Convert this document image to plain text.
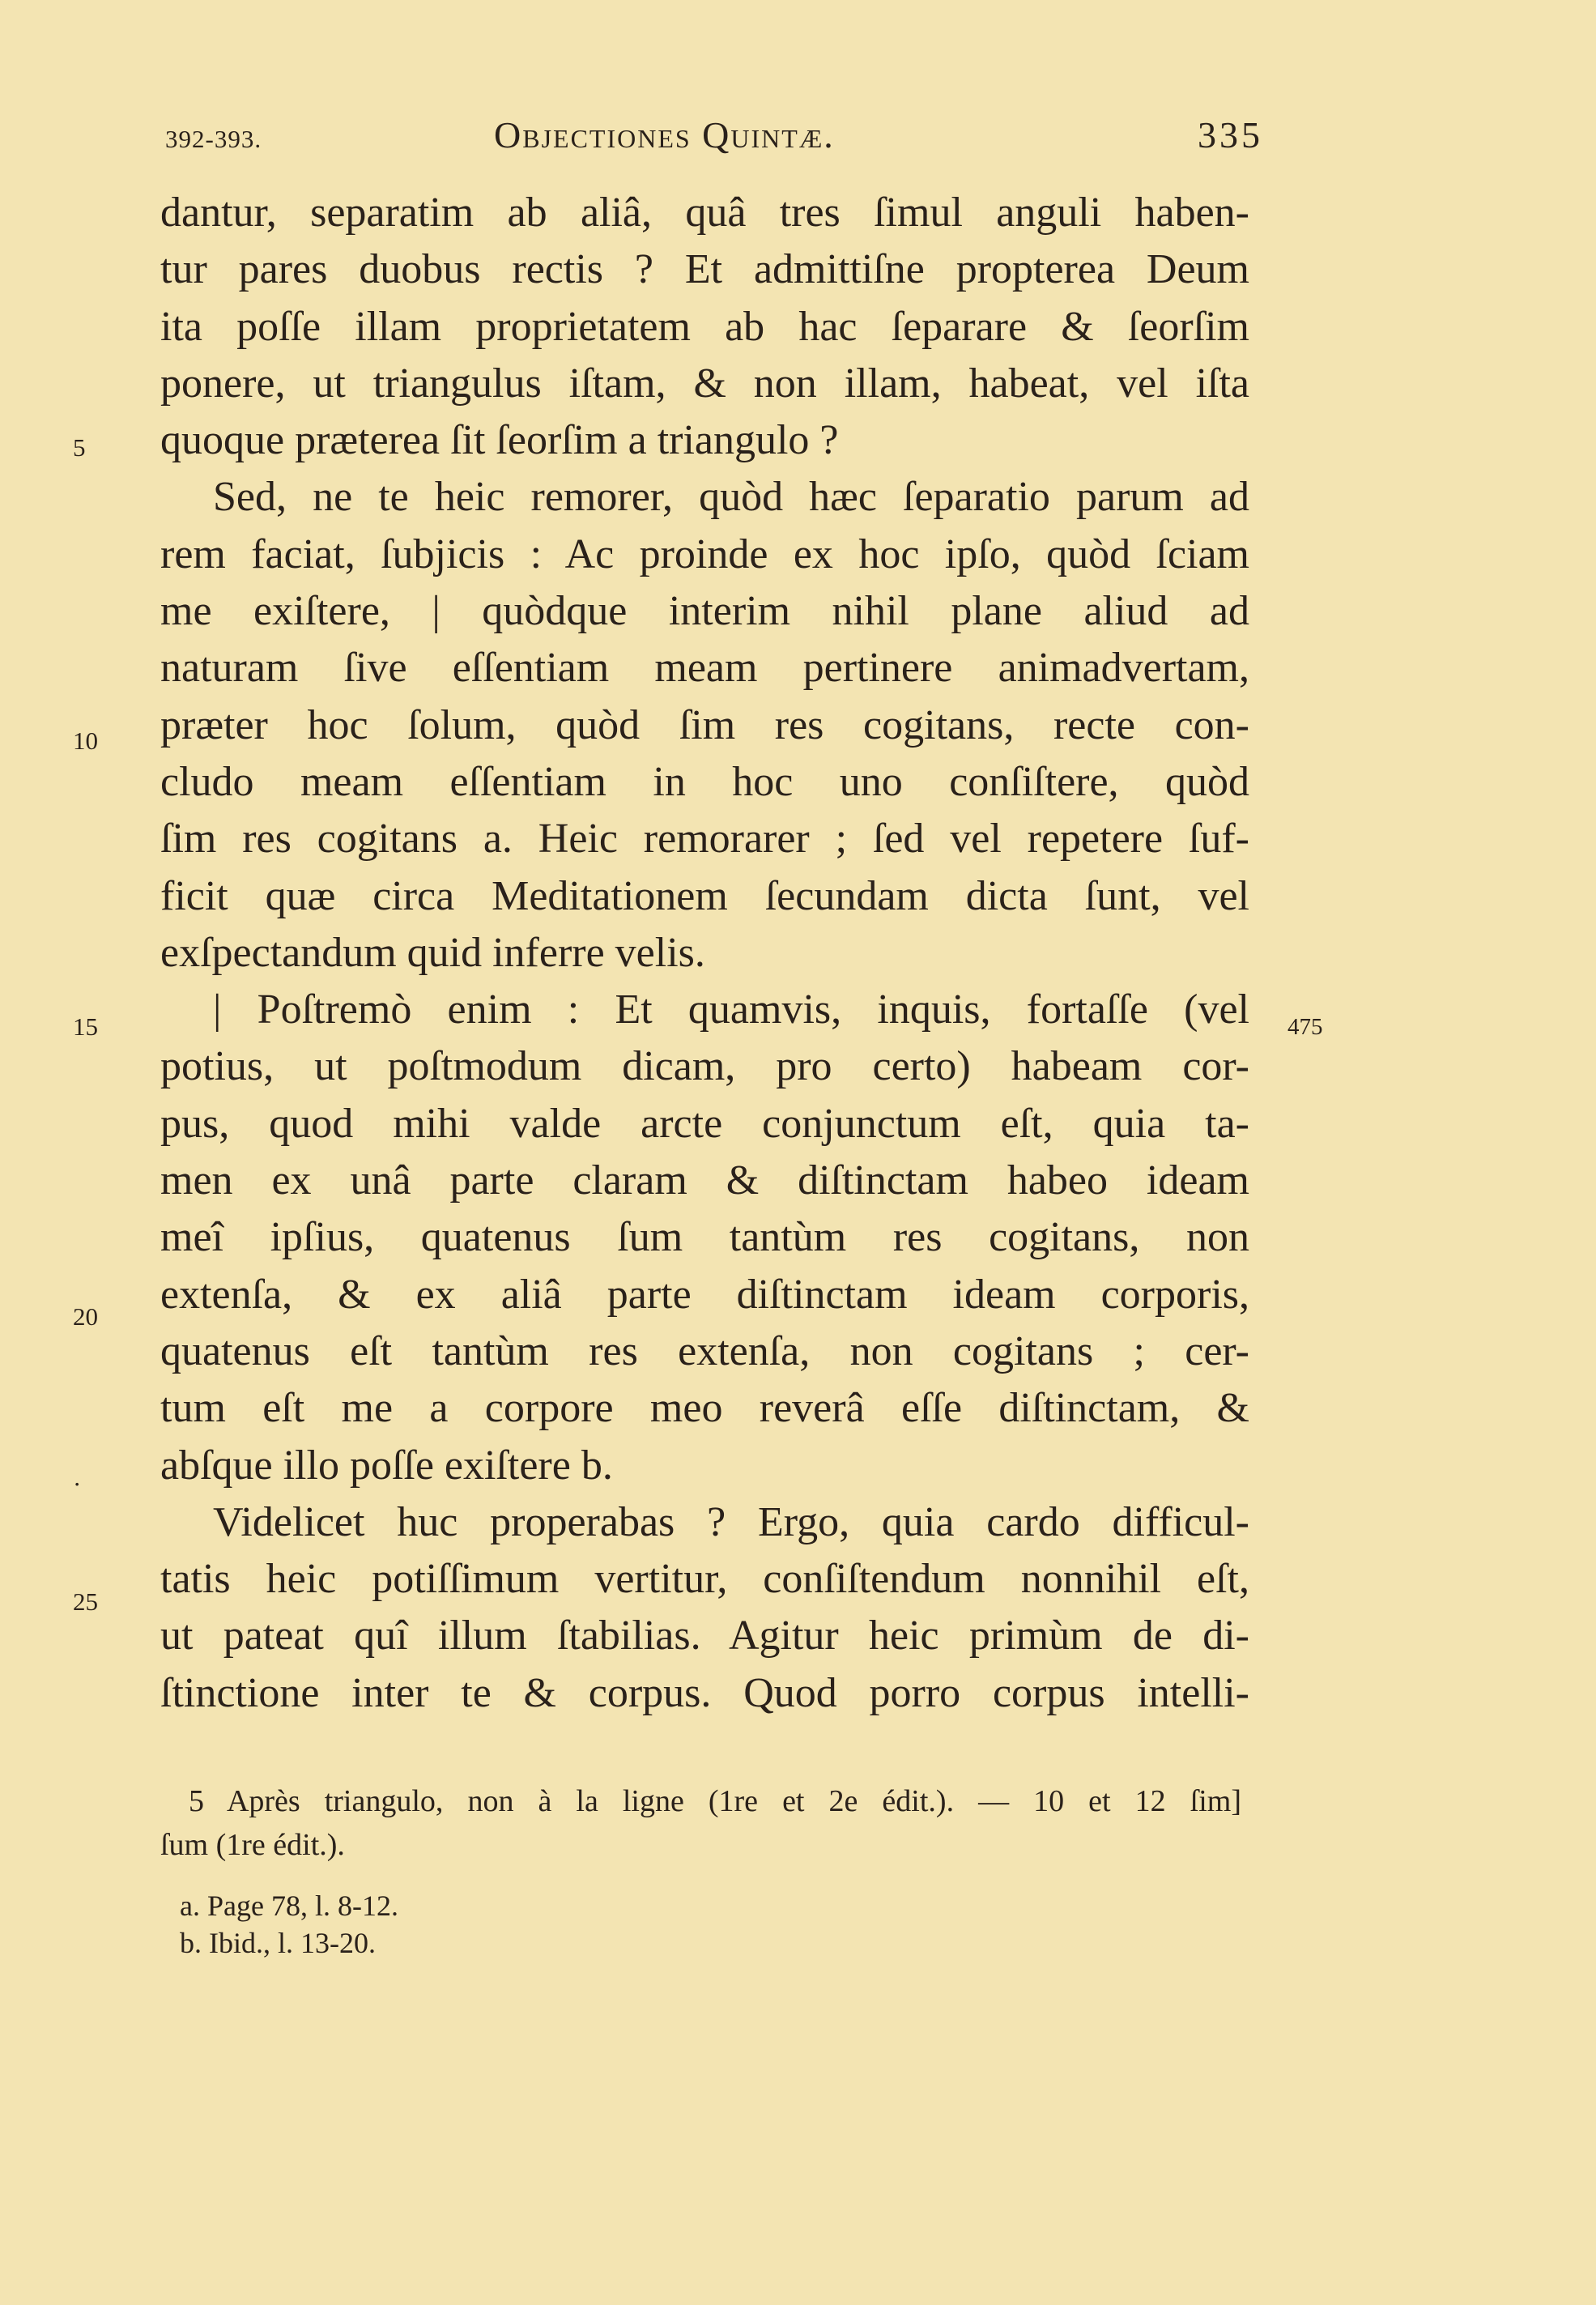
392-393.	Objectiones Quintæ.	335
dantur, separatim ab aliâ, quâ tres ſimul anguli haben-
tur pares duobus rectis ? Et admittiſne propterea Deum
ita poſſe illam proprietatem ab hac ſeparare & ſeorſim
ponere, ut triangulus iſtam, & non illam, habeat, vel iſta
quoque præterea ſit ſeorſim a triangulo ?
Sed, ne te heic remorer, quòd hæc ſeparatio parum ad
rem faciat, ſubjicis : Ac proinde ex hoc ipſo, quòd ſciam
me exiſtere, | quòdque interim nihil plane aliud ad
naturam ſive eſſentiam meam pertinere animadvertam,
præter hoc ſolum, quòd ſim res cogitans, recte con-
cludo meam eſſentiam in hoc uno conſiſtere, quòd
ſim res cogitans a. Heic remorarer ; ſed vel repetere ſuf-
ficit quæ circa Meditationem ſecundam dicta ſunt, vel
exſpectandum quid inferre velis.
| Poſtremò enim : Et quamvis, inquis, fortaſſe (vel
potius, ut poſtmodum dicam, pro certo) habeam cor-
pus, quod mihi valde arcte conjunctum eſt, quia ta-
men ex unâ parte claram & diſtinctam habeo ideam
meî ipſius, quatenus ſum tantùm res cogitans, non
extenſa, & ex aliâ parte diſtinctam ideam corporis,
quatenus eſt tantùm res extenſa, non cogitans ; cer-
tum eſt me a corpore meo reverâ eſſe diſtinctam, &
abſque illo poſſe exiſtere b.
Videlicet huc properabas ? Ergo, quia cardo difficul-
tatis heic potiſſimum vertitur, conſiſtendum nonnihil eſt,
ut pateat quî illum ſtabilias. Agitur heic primùm de di-
ſtinctione inter te & corpus. Quod porro corpus intelli-
5
10
15
20
·
25
475
5 Après triangulo, non à la ligne (1re et 2e édit.). — 10 et 12 ſim]
ſum (1re édit.).
a. Page 78, l. 8-12.
b. Ibid., l. 13-20.
